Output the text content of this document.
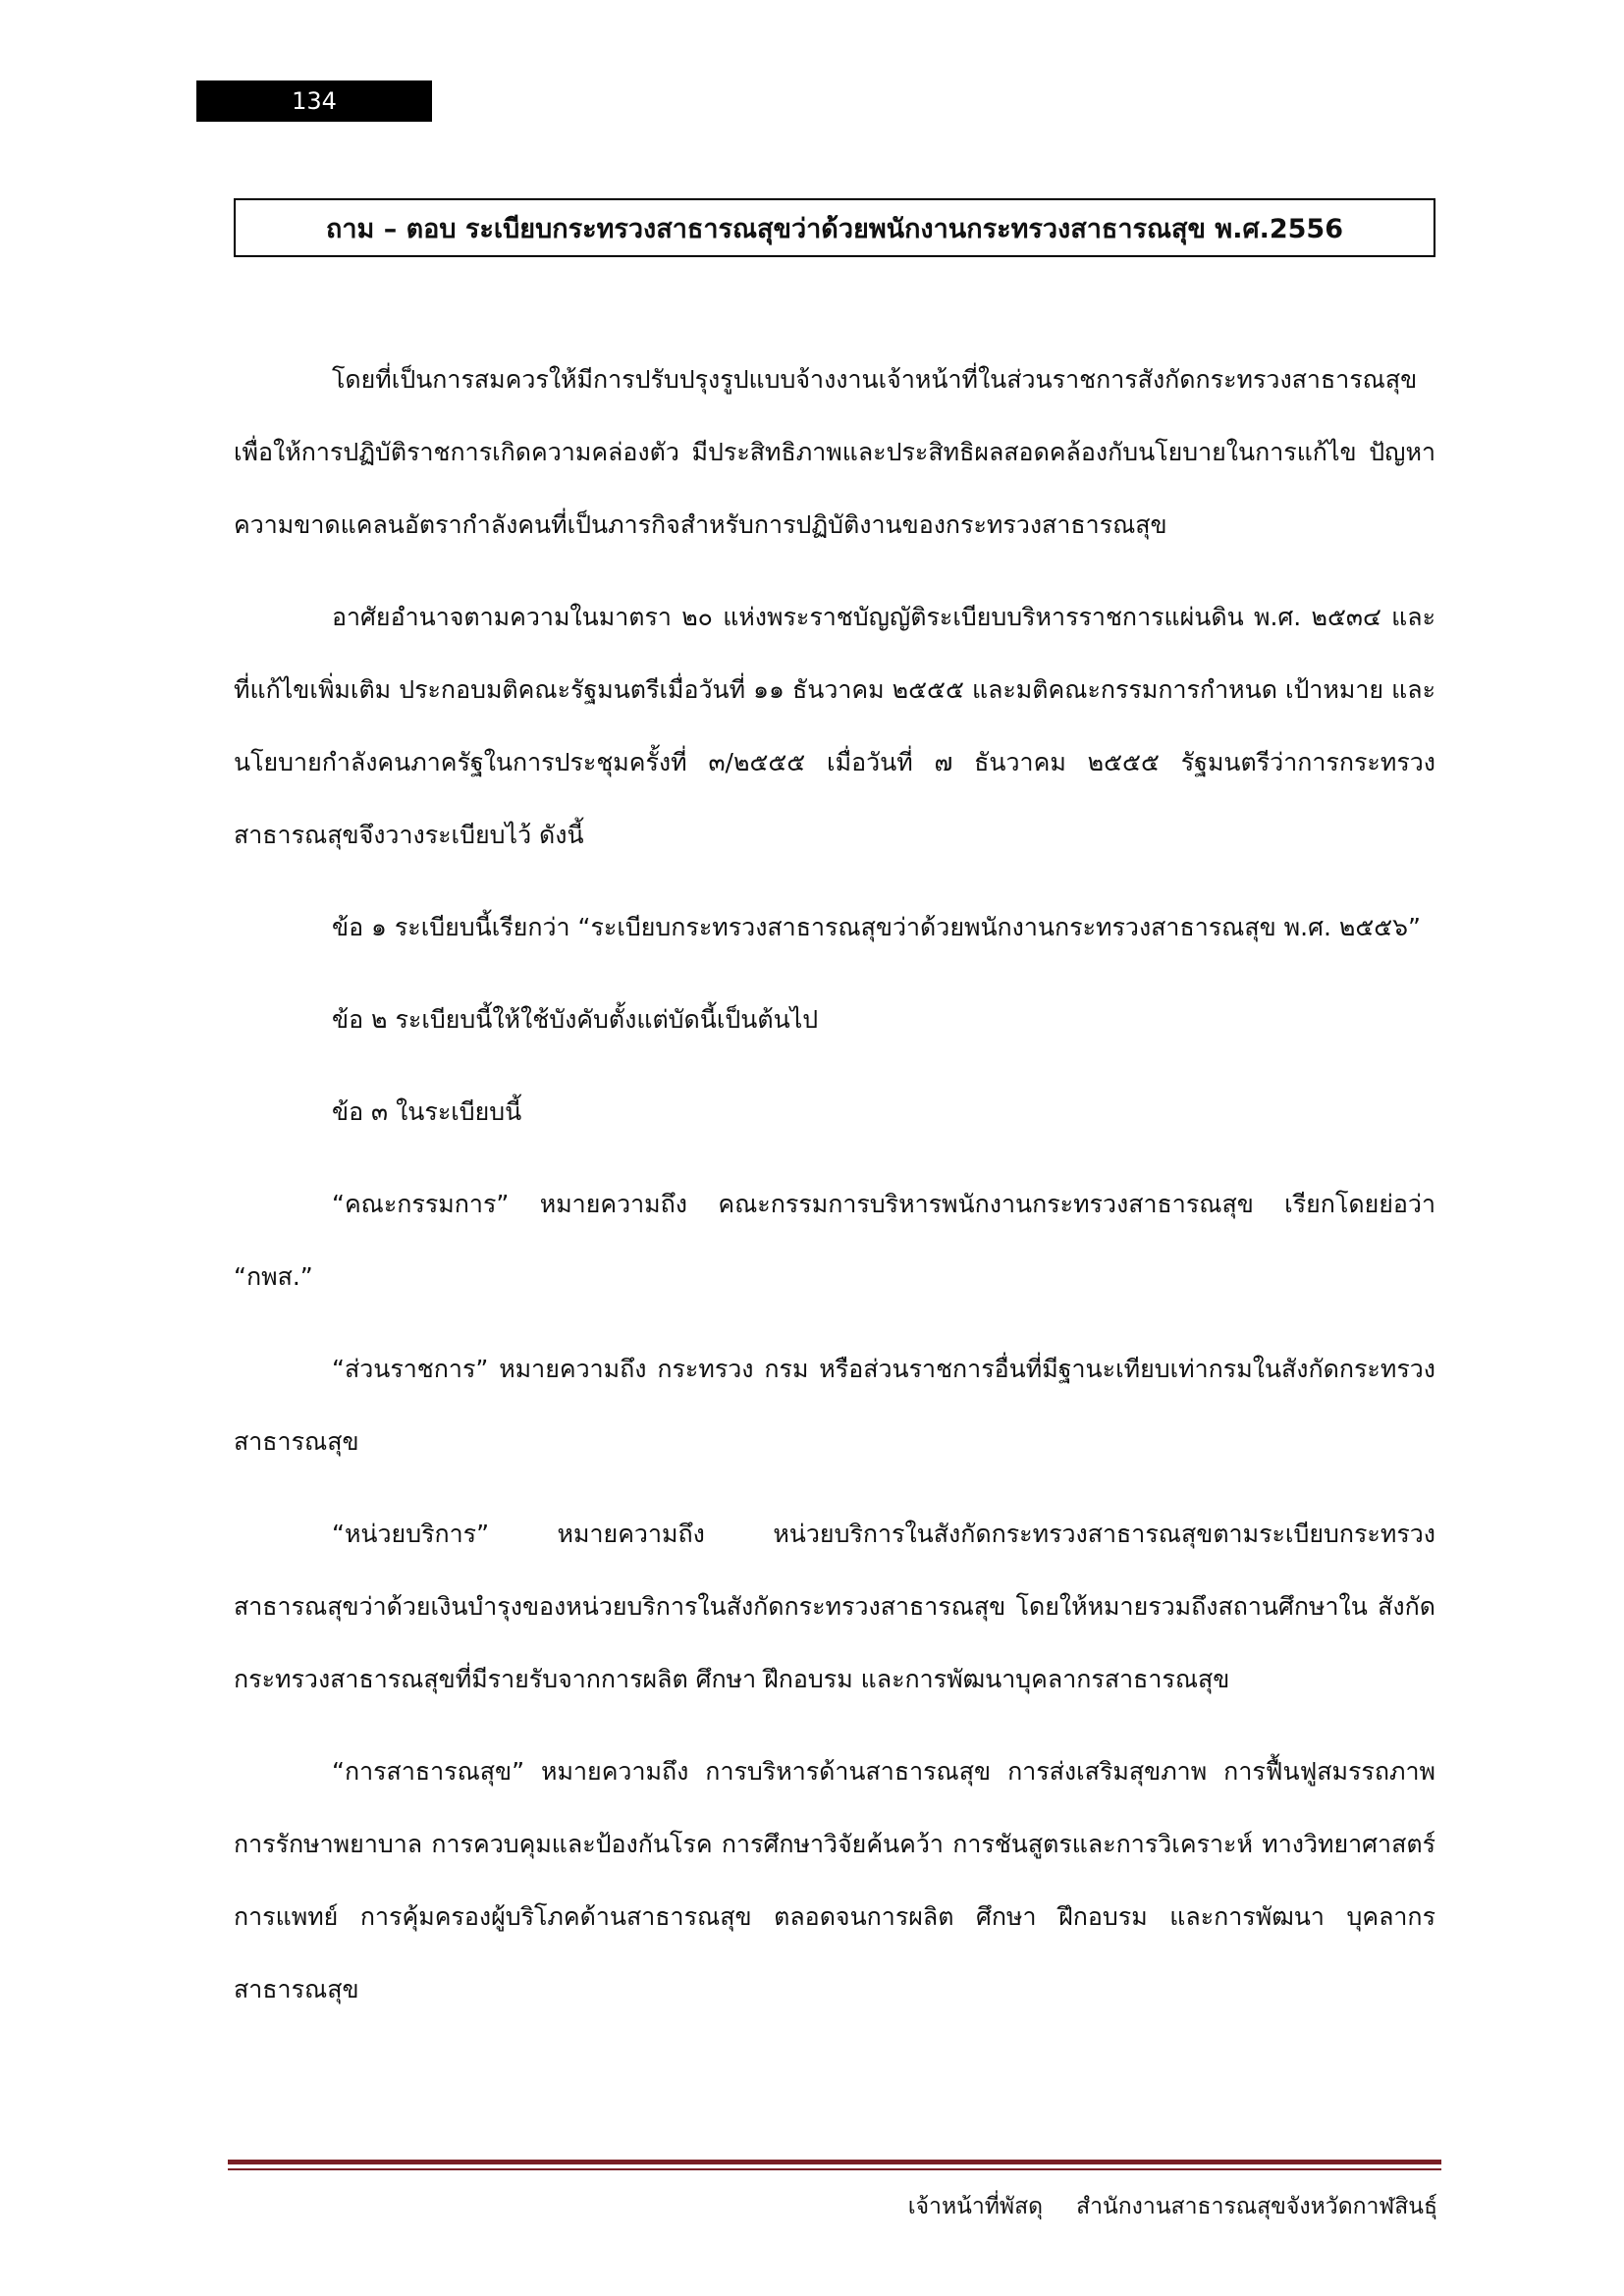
134
ถาม – ตอบ ระเบียบกระทรวงสาธารณสุขว่าด้วยพนักงานกระทรวงสาธารณสุข พ.ศ.2556

โดยที่เป็นการสมควรให้มีการปรับปรุงรูปแบบจ้างงานเจ้าหน้าที่ในส่วนราชการสังกัดกระทรวงสาธารณสุข เพื่อให้การปฏิบัติราชการเกิดความคล่องตัว มีประสิทธิภาพและประสิทธิผลสอดคล้องกับนโยบายในการแก้ไข ปัญหาความขาดแคลนอัตรากำลังคนที่เป็นภารกิจสำหรับการปฏิบัติงานของกระทรวงสาธารณสุข

อาศัยอำนาจตามความในมาตรา ๒๐ แห่งพระราชบัญญัติระเบียบบริหารราชการแผ่นดิน พ.ศ. ๒๕๓๔ และที่แก้ไขเพิ่มเติม ประกอบมติคณะรัฐมนตรีเมื่อวันที่ ๑๑ ธันวาคม ๒๕๕๕ และมติคณะกรรมการกำหนด เป้าหมาย และนโยบายกำลังคนภาครัฐในการประชุมครั้งที่ ๓/๒๕๕๕ เมื่อวันที่ ๗ ธันวาคม ๒๕๕๕ รัฐมนตรีว่าการกระทรวงสาธารณสุขจึงวางระเบียบไว้ ดังนี้

ข้อ ๑ ระเบียบนี้เรียกว่า “ระเบียบกระทรวงสาธารณสุขว่าด้วยพนักงานกระทรวงสาธารณสุข พ.ศ. ๒๕๕๖”

ข้อ ๒ ระเบียบนี้ให้ใช้บังคับตั้งแต่บัดนี้เป็นต้นไป

ข้อ ๓ ในระเบียบนี้

“คณะกรรมการ” หมายความถึง คณะกรรมการบริหารพนักงานกระทรวงสาธารณสุข เรียกโดยย่อว่า “กพส.”

“ส่วนราชการ” หมายความถึง กระทรวง กรม หรือส่วนราชการอื่นที่มีฐานะเทียบเท่ากรมในสังกัดกระทรวงสาธารณสุข

“หน่วยบริการ” หมายความถึง หน่วยบริการในสังกัดกระทรวงสาธารณสุขตามระเบียบกระทรวงสาธารณสุขว่าด้วยเงินบำรุงของหน่วยบริการในสังกัดกระทรวงสาธารณสุข โดยให้หมายรวมถึงสถานศึกษาใน สังกัดกระทรวงสาธารณสุขที่มีรายรับจากการผลิต ศึกษา ฝึกอบรม และการพัฒนาบุคลากรสาธารณสุข

“การสาธารณสุข” หมายความถึง การบริหารด้านสาธารณสุข การส่งเสริมสุขภาพ การฟื้นฟูสมรรถภาพ การรักษาพยาบาล การควบคุมและป้องกันโรค การศึกษาวิจัยค้นคว้า การชันสูตรและการวิเคราะห์ ทางวิทยาศาสตร์การแพทย์ การคุ้มครองผู้บริโภคด้านสาธารณสุข ตลอดจนการผลิต ศึกษา ฝึกอบรม และการพัฒนา บุคลากรสาธารณสุข

เจ้าหน้าที่พัสดุ สำนักงานสาธารณสุขจังหวัดกาฬสินธุ์
